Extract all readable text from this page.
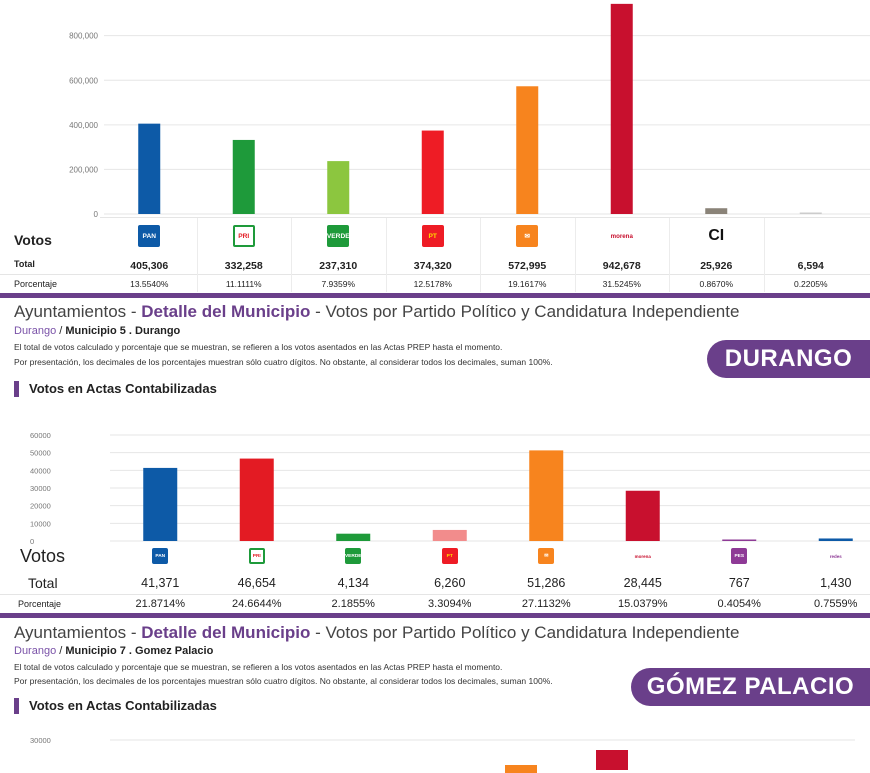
0
200,000
400,000
600,000
800,000
Votos
Total
Porcentaje
PAN
405,306
13.5540%
PRI
332,258
11.1111%
VERDE
237,310
7.9359%
PT
374,320
12.5178%
✉
572,995
19.1617%
morena
942,678
31.5245%
CI
25,926
0.8670%
6,594
0.2205%
Ayuntamientos - Detalle del Municipio - Votos por Partido Político y Candidatura Independiente
Durango / Municipio 5 . Durango
El total de votos calculado y porcentaje que se muestran, se refieren a los votos asentados en las Actas PREP hasta el momento.
Por presentación, los decimales de los porcentajes muestran sólo cuatro dígitos. No obstante, al considerar todos los decimales, suman 100%.	DURANGO
Votos en Actas Contabilizadas
0
10000
20000
30000
40000
50000
60000
Votos
Total
Porcentaje
PAN
41,371
21.8714%
PRI
46,654
24.6644%
VERDE
4,134
2.1855%
PT
6,260
3.3094%
✉
51,286
27.1132%
morena
28,445
15.0379%
PES
767
0.4054%
redes
1,430
0.7559%
Ayuntamientos - Detalle del Municipio - Votos por Partido Político y Candidatura Independiente
Durango / Municipio 7 . Gomez Palacio
El total de votos calculado y porcentaje que se muestran, se refieren a los votos asentados en las Actas PREP hasta el momento.
Por presentación, los decimales de los porcentajes muestran sólo cuatro dígitos. No obstante, al considerar todos los decimales, suman 100%.	GÓMEZ PALACIO
Votos en Actas Contabilizadas
30000
